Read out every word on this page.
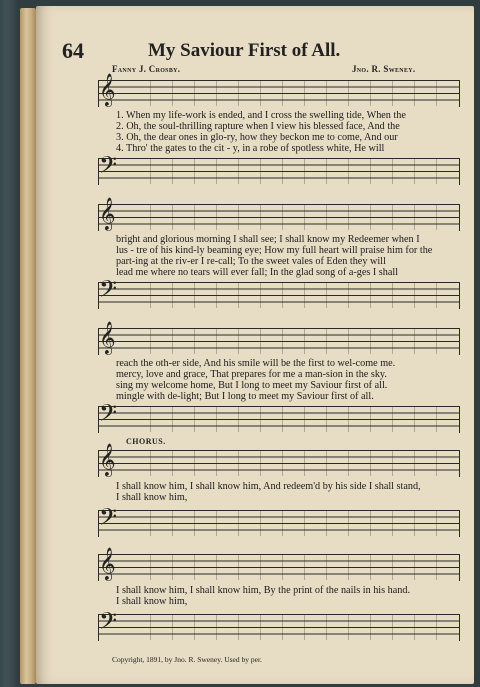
64	My Saviour First of All.
Fanny J. Crosby.	Jno. R. Sweney.
𝄞
1. When my life-work is ended, and I cross the swelling tide, When the
2. Oh, the soul-thrilling rapture when I view his blessed face, And the
3. Oh, the dear ones in glo-ry, how they beckon me to come, And our
4. Thro' the gates to the cit - y, in a robe of spotless white, He will
𝄢
𝄞
bright and glorious morning I shall see; I shall know my Redeemer when I
lus - tre of his kind-ly beaming eye; How my full heart will praise him for the
part-ing at the riv-er I re-call; To the sweet vales of Eden they will
lead me where no tears will ever fall; In the glad song of a-ges I shall
𝄢
𝄞
reach the oth-er side, And his smile will be the first to wel-come me.
mercy, love and grace, That prepares for me a man-sion in the sky.
sing my welcome home, But I long to meet my Saviour first of all.
mingle with de-light; But I long to meet my Saviour first of all.
𝄢
CHORUS.
𝄞
I shall know him, I shall know him, And redeem'd by his side I shall stand,
I shall know him,
𝄢
𝄞
I shall know him, I shall know him, By the print of the nails in his hand.
I shall know him,
𝄢
Copyright, 1891, by Jno. R. Sweney. Used by per.
